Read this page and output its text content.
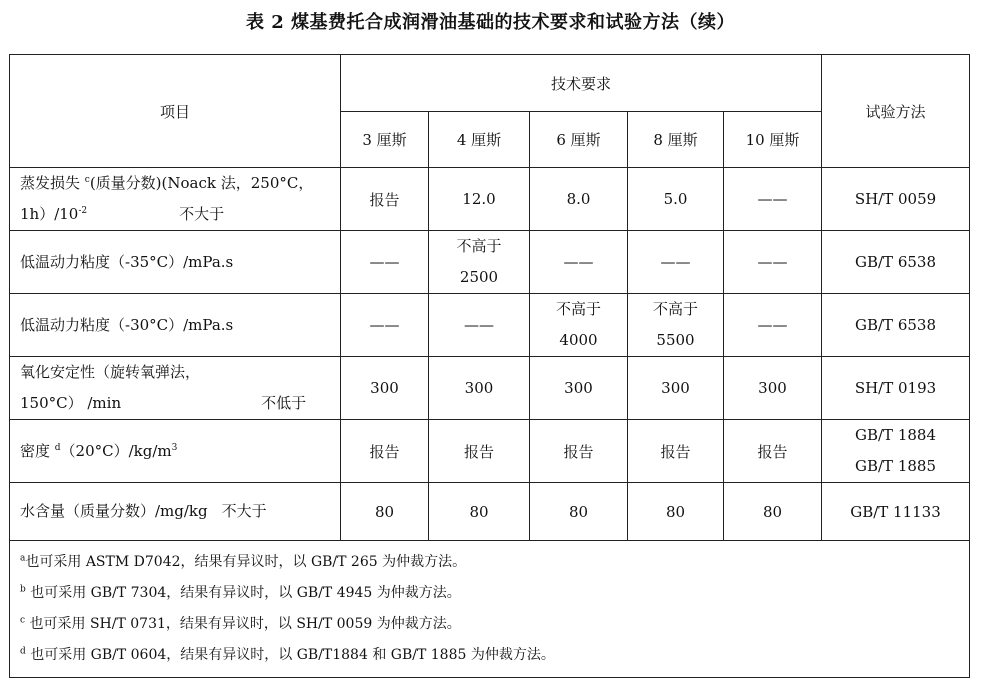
表 2 煤基费托合成润滑油基础的技术要求和试验方法（续）
项目	技术要求					试验方法
	3 厘斯	4 厘斯	6 厘斯	8 厘斯	10 厘斯	

蒸发损失 $^c$(质量分数)(Noack 法，250°C，
$1h)/10^{-2}$ 不大于	报告	12.0	8.0	5.0	——	SH/T 0059
低温动力粘度（-35°C）/mPa.s	——	不高于
2500	——	——	——	GB/T 6538
低温动力粘度（-30°C）/mPa.s	——	——	不高于
4000	不高于
5500	——	GB/T 6538

氧化安定性（旋转氧弹法，
150°C） /min 不低于	300	300	300	300	300	SH/T 0193
密度 $^d(20^\circ C)/kg/m^3$	报告	报告	报告	报告	报告	GB/T 1884
GB/T 1885

水含量（质量分数）/mg/kg 不大于	80	80	80	80	80	GB/T 11133

$^a$也可采用 ASTM D7042，结果有异议时，以 GB/T 265 为仲裁方法。
$^b$ 也可采用 GB/T 7304，结果有异议时，以 GB/T 4945 为仲裁方法。
$^c$ 也可采用 SH/T 0731，结果有异议时，以 SH/T 0059 为仲裁方法。
$^d$ 也可采用 GB/T 0604，结果有异议时，以 GB/T1884 和 GB/T 1885 为仲裁方法。						
